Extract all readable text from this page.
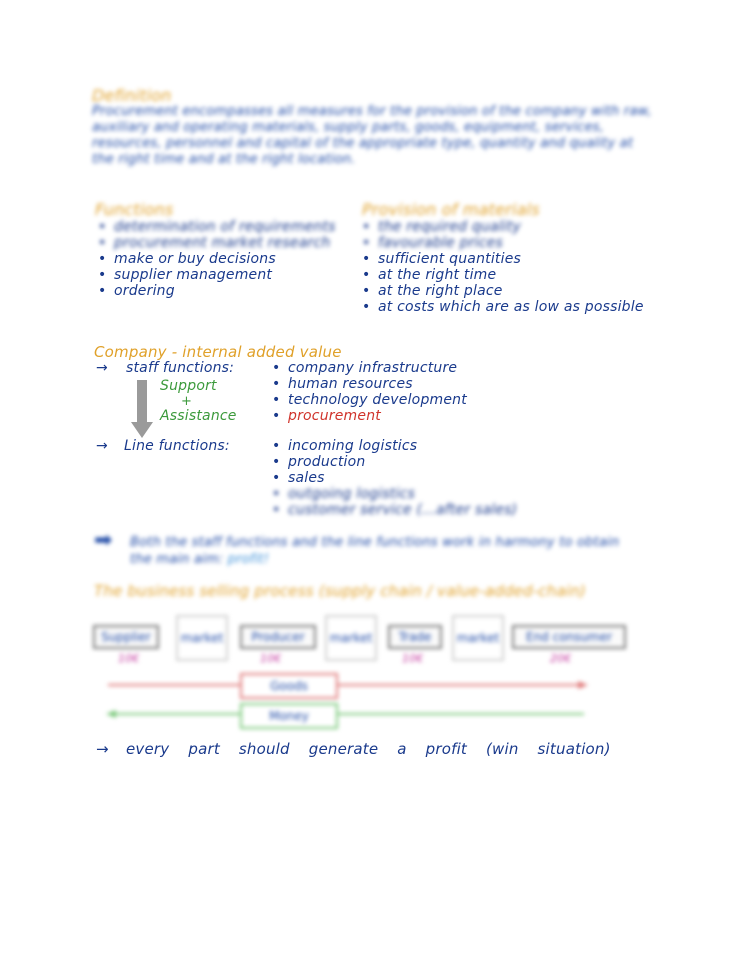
Definition
Procurement encompasses all measures for the provision of the company with raw, auxiliary and operating materials, supply parts, goods, equipment, services, resources, personnel and capital of the appropriate type, quantity and quality at the right time and at the right location.
Functions
• determination of requirements
• procurement market research
• make or buy decisions
• supplier management
• ordering
Provision of materials
• the required quality
• favourable prices
• sufficient quantities
• at the right time
• at the right place
• at costs which are as low as possible
Company - internal added value
→ staff functions:
Support
+
Assistance
• company infrastructure
• human resources
• technology development
• procurement
→ Line functions:
•	incoming logistics
• production
• sales
• outgoing logistics
• customer service (...after sales)
➡ Both the staff functions and the line functions work in harmony to obtain the main aim: profit!
The business selling process (supply chain / value-added-chain)
Supplier	market	Producer	market	Trade	market	End consumer
10€	10€	10€	20€
Goods
Money
→ every part should generate a profit (win situation)
